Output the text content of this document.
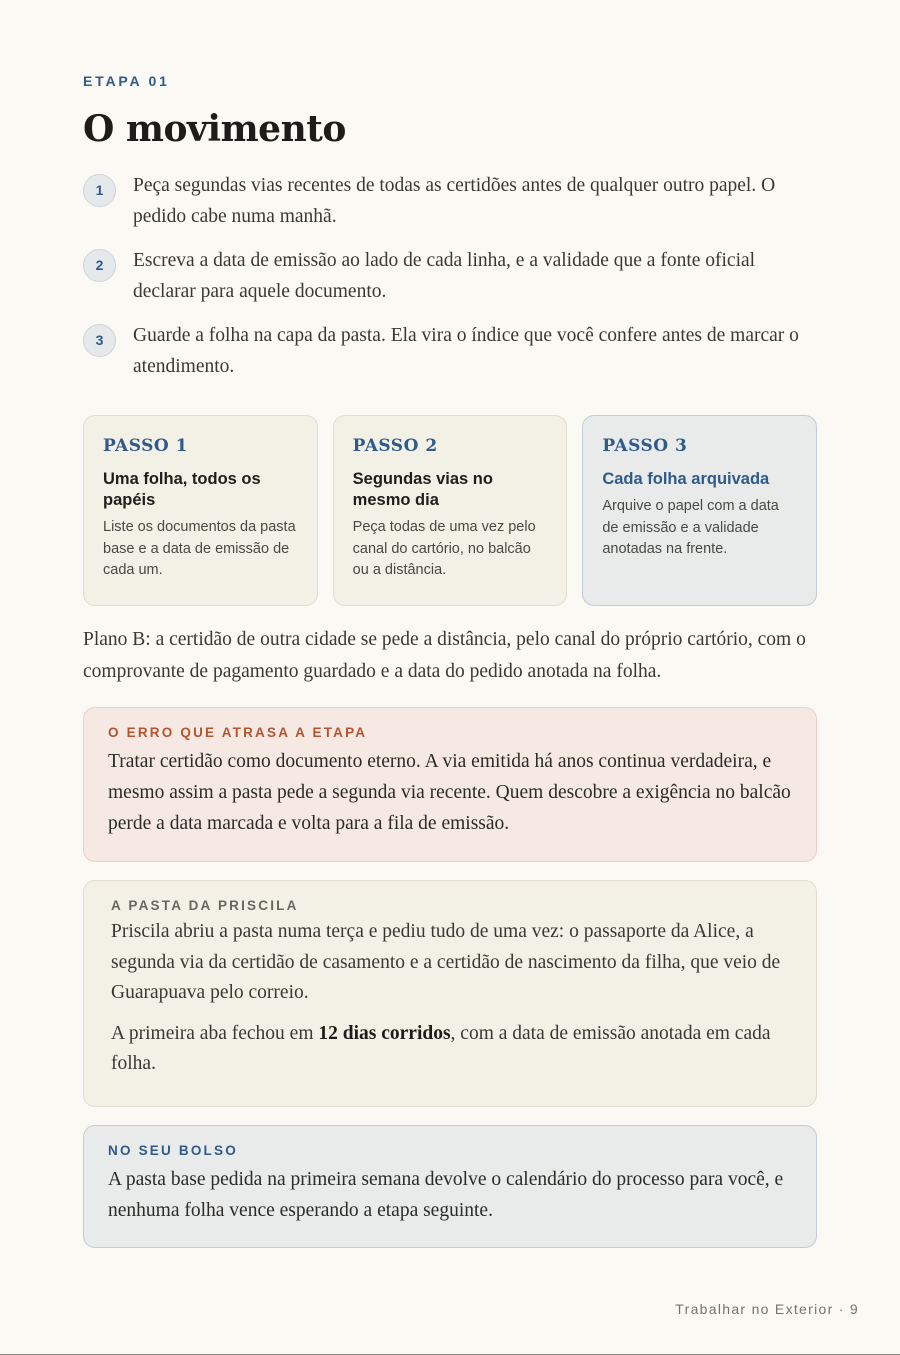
ETAPA 01
O movimento
1	Peça segundas vias recentes de todas as certidões antes de qualquer outro papel. O pedido cabe numa manhã.
2	Escreva a data de emissão ao lado de cada linha, e a validade que a fonte oficial declarar para aquele documento.
3	Guarde a folha na capa da pasta. Ela vira o índice que você confere antes de marcar o atendimento.
PASSO 1
Uma folha, todos os papéis
Liste os documentos da pasta base e a data de emissão de cada um.
PASSO 2
Segundas vias no mesmo dia
Peça todas de uma vez pelo canal do cartório, no balcão ou a distância.
PASSO 3
Cada folha arquivada
Arquive o papel com a data de emissão e a validade anotadas na frente.

Plano B: a certidão de outra cidade se pede a distância, pelo canal do próprio cartório, com o comprovante de pagamento guardado e a data do pedido anotada na folha.

O ERRO QUE ATRASA A ETAPA

Tratar certidão como documento eterno. A via emitida há anos continua verdadeira, e mesmo assim a pasta pede a segunda via recente. Quem descobre a exigência no balcão perde a data marcada e volta para a fila de emissão.

A PASTA DA PRISCILA

Priscila abriu a pasta numa terça e pediu tudo de uma vez: o passaporte da Alice, a segunda via da certidão de casamento e a certidão de nascimento da filha, que veio de Guarapuava pelo correio.

A primeira aba fechou em 12 dias corridos, com a data de emissão anotada em cada folha.

NO SEU BOLSO

A pasta base pedida na primeira semana devolve o calendário do processo para você, e nenhuma folha vence esperando a etapa seguinte.

Trabalhar no Exterior · 9
